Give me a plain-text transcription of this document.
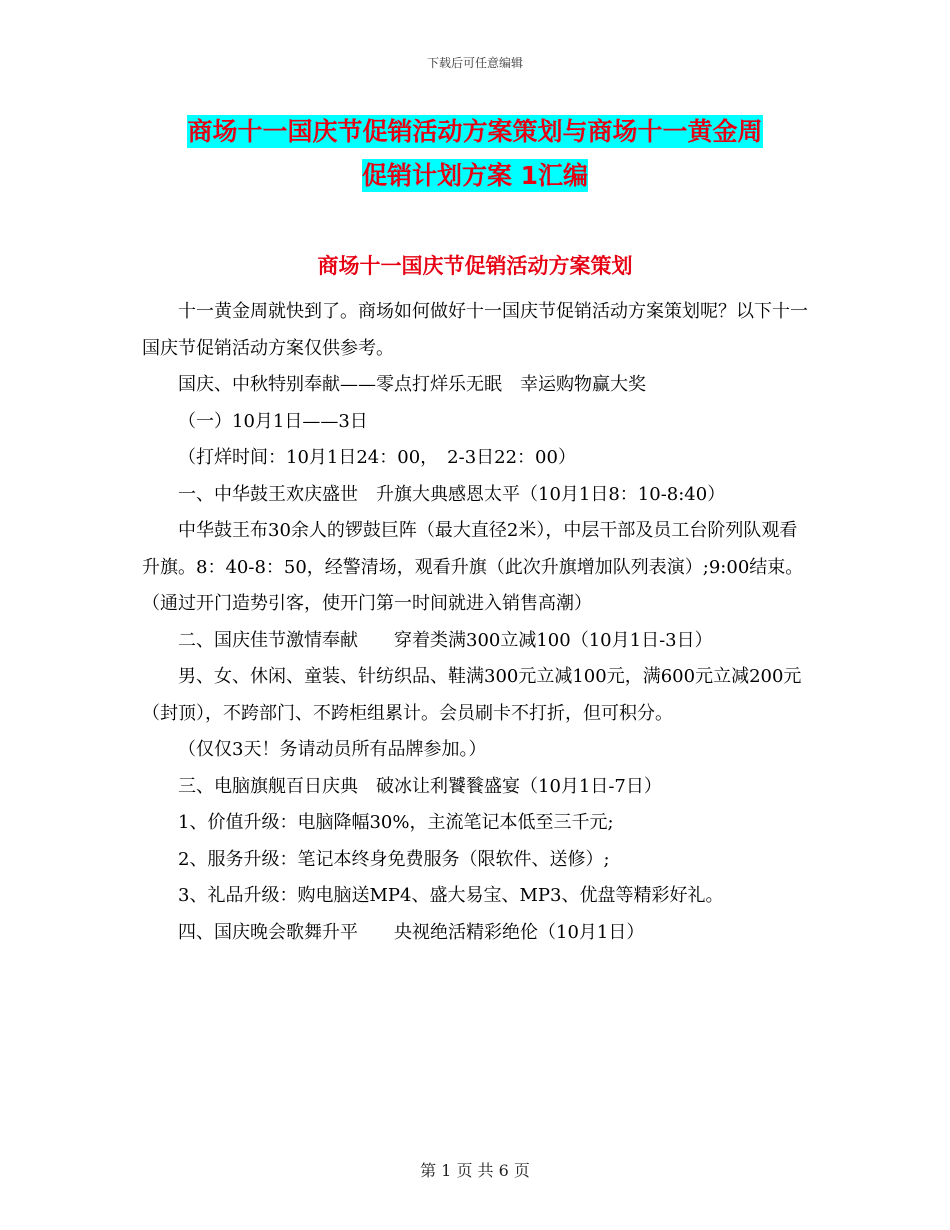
下载后可任意编辑
商场十一国庆节促销活动方案策划与商场十一黄金周
促销计划方案 1汇编
商场十一国庆节促销活动方案策划

十一黄金周就快到了。商场如何做好十一国庆节促销活动方案策划呢？以下十一国庆节促销活动方案仅供参考。

国庆、中秋特别奉献——零点打烊乐无眠　幸运购物赢大奖

（一）10月1日——3日

（打烊时间：10月1日24：00，　2-3日22：00）

一、中华鼓王欢庆盛世　升旗大典感恩太平（10月1日8：10-8:40）

中华鼓王布30余人的锣鼓巨阵（最大直径2米），中层干部及员工台阶列队观看升旗。8：40-8：50，经警清场，观看升旗（此次升旗增加队列表演）;9:00结束。（通过开门造势引客，使开门第一时间就进入销售高潮）

二、国庆佳节激情奉献　　穿着类满300立减100（10月1日-3日）

男、女、休闲、童装、针纺织品、鞋满300元立减100元，满600元立减200元（封顶），不跨部门、不跨柜组累计。会员刷卡不打折，但可积分。

（仅仅3天！务请动员所有品牌参加。）

三、电脑旗舰百日庆典　破冰让利饕餮盛宴（10月1日-7日）

1、价值升级：电脑降幅30%，主流笔记本低至三千元;

2、服务升级：笔记本终身免费服务（限软件、送修）;

3、礼品升级：购电脑送MP4、盛大易宝、MP3、优盘等精彩好礼。

四、国庆晚会歌舞升平　　央视绝活精彩绝伦（10月1日）

第 1 页 共 6 页
